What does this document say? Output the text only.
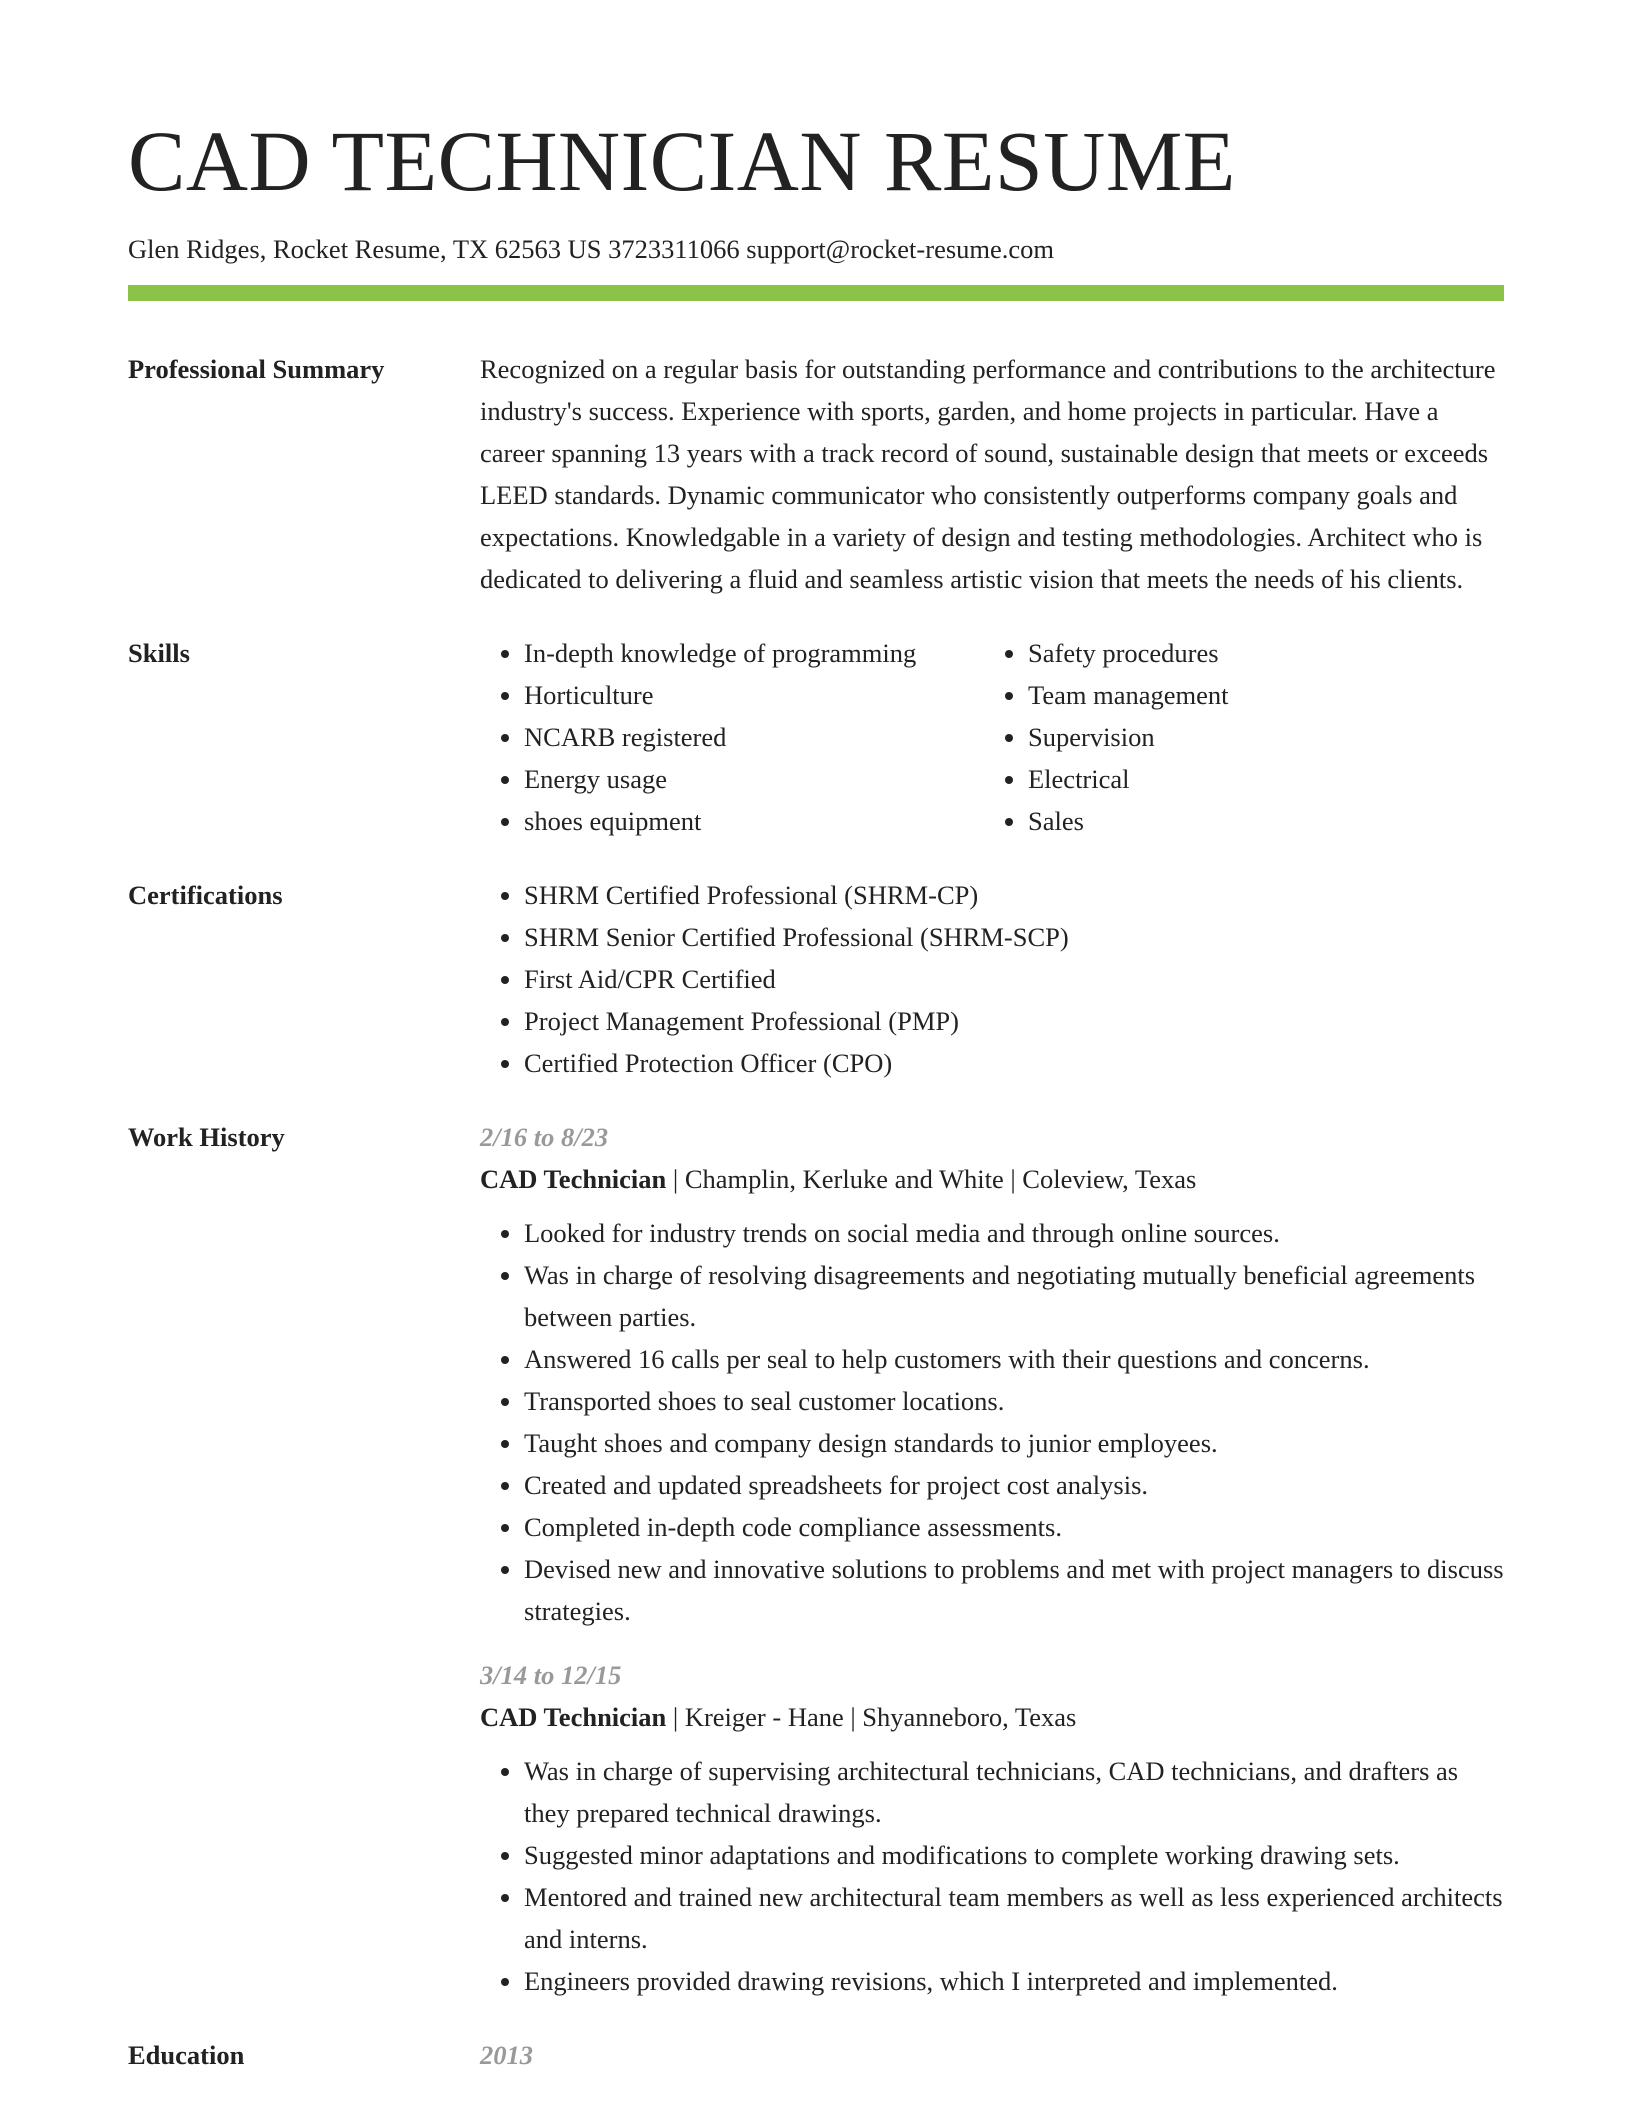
CAD TECHNICIAN RESUME
Glen Ridges, Rocket Resume, TX 62563 US 3723311066 support@rocket-resume.com
Professional Summary	Recognized on a regular basis for outstanding performance and contributions to the architecture industry's success. Experience with sports, garden, and home projects in particular. Have a career spanning 13 years with a track record of sound, sustainable design that meets or exceeds LEED standards. Dynamic communicator who consistently outperforms company goals and expectations. Knowledgable in a variety of design and testing methodologies. Architect who is dedicated to delivering a fluid and seamless artistic vision that meets the needs of his clients.

Skills	• In-depth knowledge of programming
• Horticulture
• NCARB registered
• Energy usage
• shoes equipment
• Safety procedures
• Team management
• Supervision
• Electrical
• Sales
Certifications	• SHRM Certified Professional (SHRM-CP)
• SHRM Senior Certified Professional (SHRM-SCP)
• First Aid/CPR Certified
• Project Management Professional (PMP)
• Certified Protection Officer (CPO)
Work History	2/16 to 8/23
CAD Technician | Champlin, Kerluke and White | Coleview, Texas
• Looked for industry trends on social media and through online sources.
• Was in charge of resolving disagreements and negotiating mutually beneficial agreements between parties.
• Answered 16 calls per seal to help customers with their questions and concerns.
• Transported shoes to seal customer locations.
• Taught shoes and company design standards to junior employees.
• Created and updated spreadsheets for project cost analysis.
• Completed in-depth code compliance assessments.
• Devised new and innovative solutions to problems and met with project managers to discuss strategies.
3/14 to 12/15
CAD Technician | Kreiger - Hane | Shyanneboro, Texas
• Was in charge of supervising architectural technicians, CAD technicians, and drafters as they prepared technical drawings.
• Suggested minor adaptations and modifications to complete working drawing sets.
• Mentored and trained new architectural team members as well as less experienced architects and interns.
• Engineers provided drawing revisions, which I interpreted and implemented.
Education	2013
